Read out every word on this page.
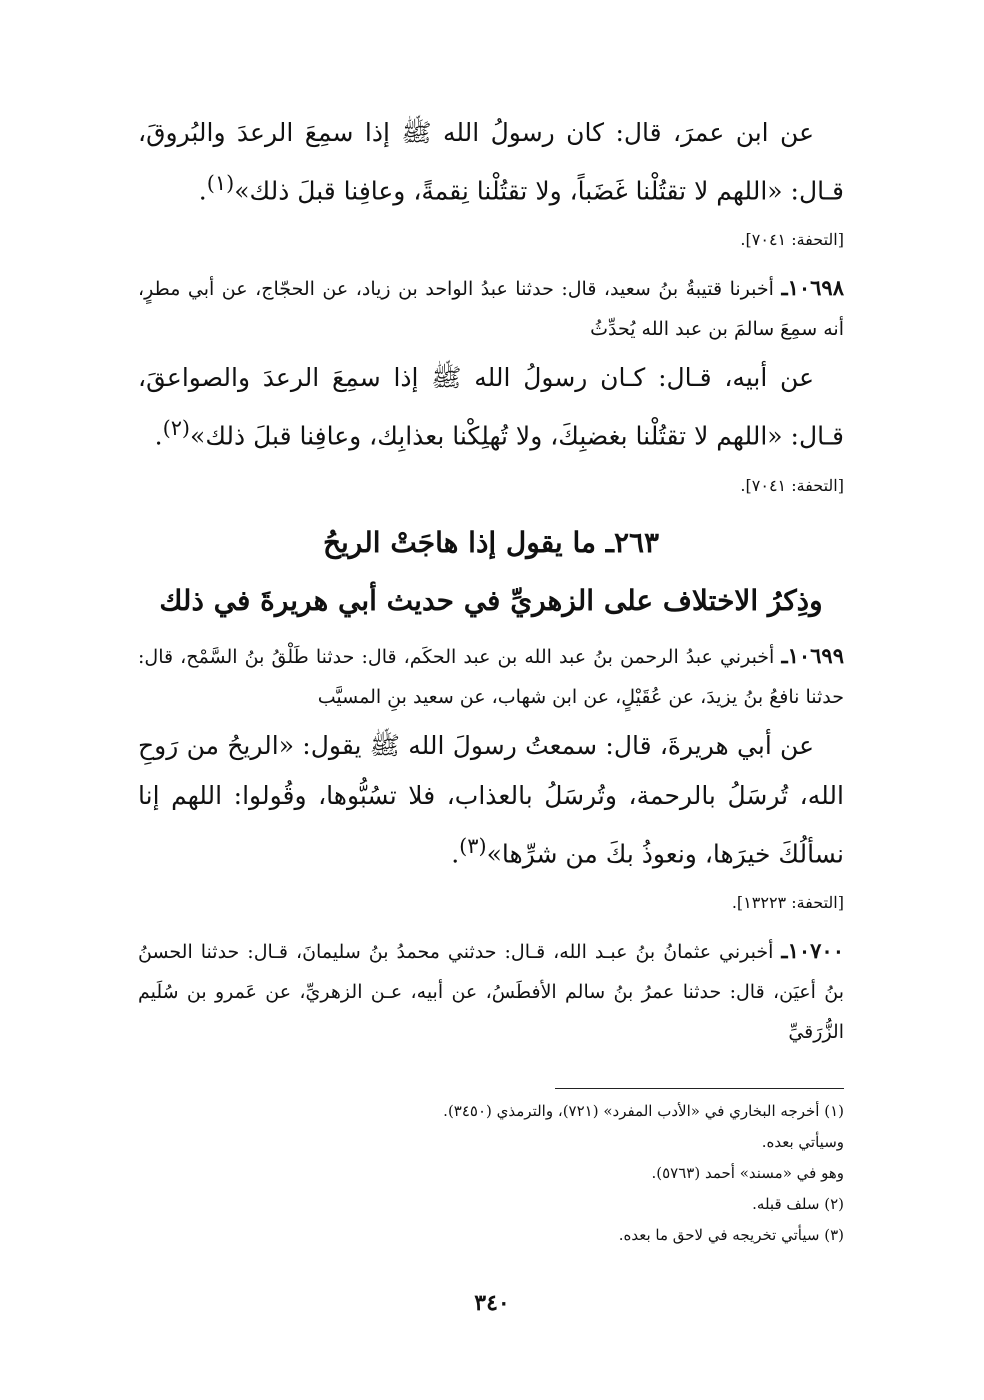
عن ابن عمرَ، قال: كان رسولُ الله ﷺ إذا سمِعَ الرعدَ والبُروقَ، قـال: «اللهم لا تقتُلْنا غَضَباً، ولا تقتُلْنا نِقمةً، وعافِنا قبلَ ذلك»$^{(١)}$.

[التحفة: ٧٠٤١].

١٠٦٩٨ـ أخبرنا قتيبةُ بنُ سعيد، قال: حدثنا عبدُ الواحد بن زياد، عن الحجّاج، عن أبي مطرٍ، أنه سمِعَ سالمَ بن عبد الله يُحدِّثُ

عن أبيه، قـال: كـان رسولُ الله ﷺ إذا سمِعَ الرعدَ والصواعقَ، قـال: «اللهم لا تقتُلْنا بغضبِكَ، ولا تُهلِكْنا بعذابِك، وعافِنا قبلَ ذلك»$^{(٢)}$.

[التحفة: ٧٠٤١].

٢٦٣ـ ما يقول إذا هاجَتْ الريحُ

وذِكرُ الاختلاف على الزهريِّ في حديث أبي هريرةَ في ذلك

١٠٦٩٩ـ أخبرني عبدُ الرحمن بنُ عبد الله بن عبد الحكَم، قال: حدثنا طَلْقُ بنُ السَّمْح، قال: حدثنا نافعُ بنُ يزيدَ، عن عُقَيْلٍ، عن ابن شهاب، عن سعيد بنِ المسيَّب

عن أبي هريرةَ، قال: سمعتُ رسولَ الله ﷺ يقول: «الريحُ من رَوحِ الله، تُرسَلُ بالرحمة، وتُرسَلُ بالعذاب، فلا تسُبُّوها، وقُولوا: اللهم إنا نسألُكَ خيرَها، ونعوذُ بكَ من شرِّها»$^{(٣)}$.

[التحفة: ١٣٢٢٣].

١٠٧٠٠ـ أخبرني عثمانُ بنُ عبـد الله، قـال: حدثني محمدُ بنُ سليمانَ، قـال: حدثنا الحسنُ بنُ أعيَن، قال: حدثنا عمرُ بنُ سالم الأفطَسُ، عن أبيه، عـن الزهريِّ، عن عَمرو بن سُلَيم الزُّرَقيِّ

(١) أخرجه البخاري في «الأدب المفرد» (٧٢١)، والترمذي (٣٤٥٠).
وسيأتي بعده.
وهو في «مسند» أحمد (٥٧٦٣).
(٢) سلف قبله.
(٣) سيأتي تخريجه في لاحق ما بعده.
٣٤٠
